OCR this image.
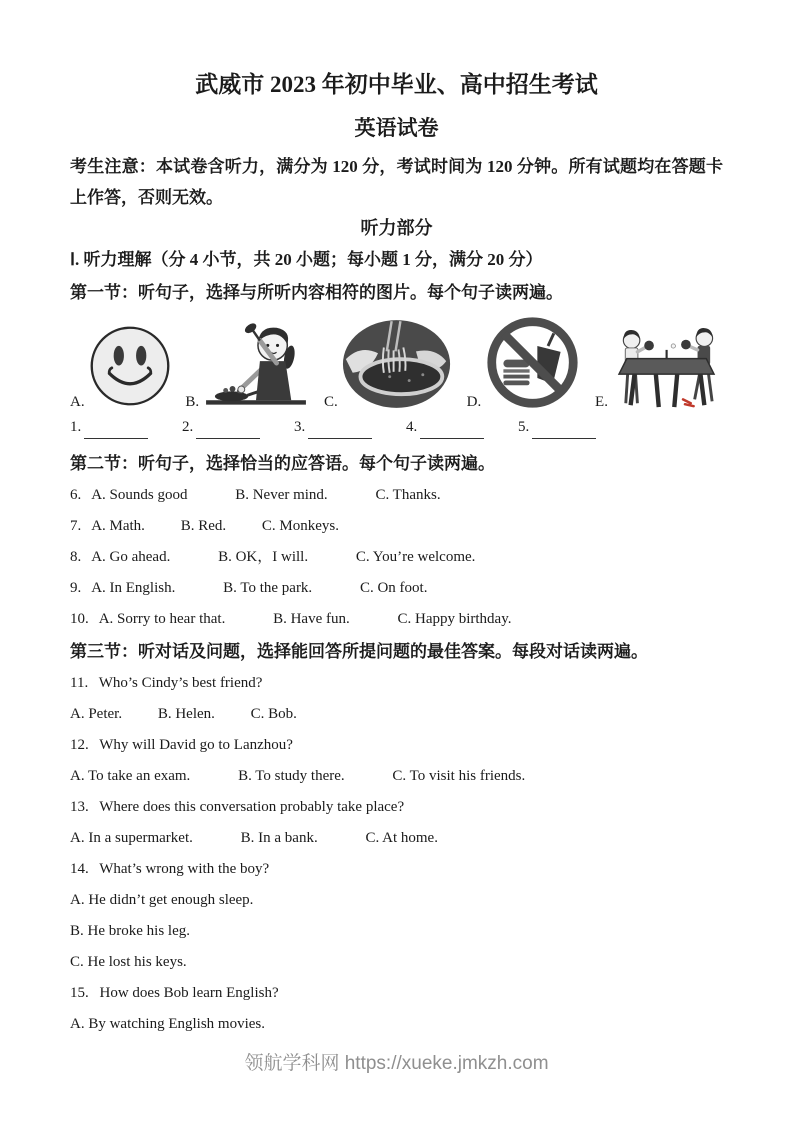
武威市 2023 年初中毕业、高中招生考试
英语试卷

考生注意：本试卷含听力，满分为 120 分，考试时间为 120 分钟。所有试题均在答题卡上作答，否则无效。

听力部分
Ⅰ. 听力理解（分 4 小节，共 20 小题；每小题 1 分，满分 20 分）
第一节：听句子，选择与所听内容相符的图片。每个句子读两遍。
A.	B.	C.	D.	E.
1.	2.	3.	4.	5.
第二节：听句子，选择恰当的应答语。每个句子读两遍。
6. A. Sounds good	B. Never mind.	C. Thanks.
7. A. Math. B. Red. C. Monkeys.
8. A. Go ahead.	B. OK，I will.	C. You’re welcome.
9. A. In English.	B. To the park.	C. On foot.
10. A. Sorry to hear that.	B. Have fun.	C. Happy birthday.
第三节：听对话及问题，选择能回答所提问题的最佳答案。每段对话读两遍。
11. Who’s Cindy’s best friend?
A. Peter. B. Helen. C. Bob.
12. Why will David go to Lanzhou?
A. To take an exam.	B. To study there.	C. To visit his friends.
13. Where does this conversation probably take place?
A. In a supermarket.	B. In a bank.	C. At home.
14. What’s wrong with the boy?
A. He didn’t get enough sleep.
B. He broke his leg.
C. He lost his keys.
15. How does Bob learn English?
A. By watching English movies.
领航学科网 https://xueke.jmkzh.com
